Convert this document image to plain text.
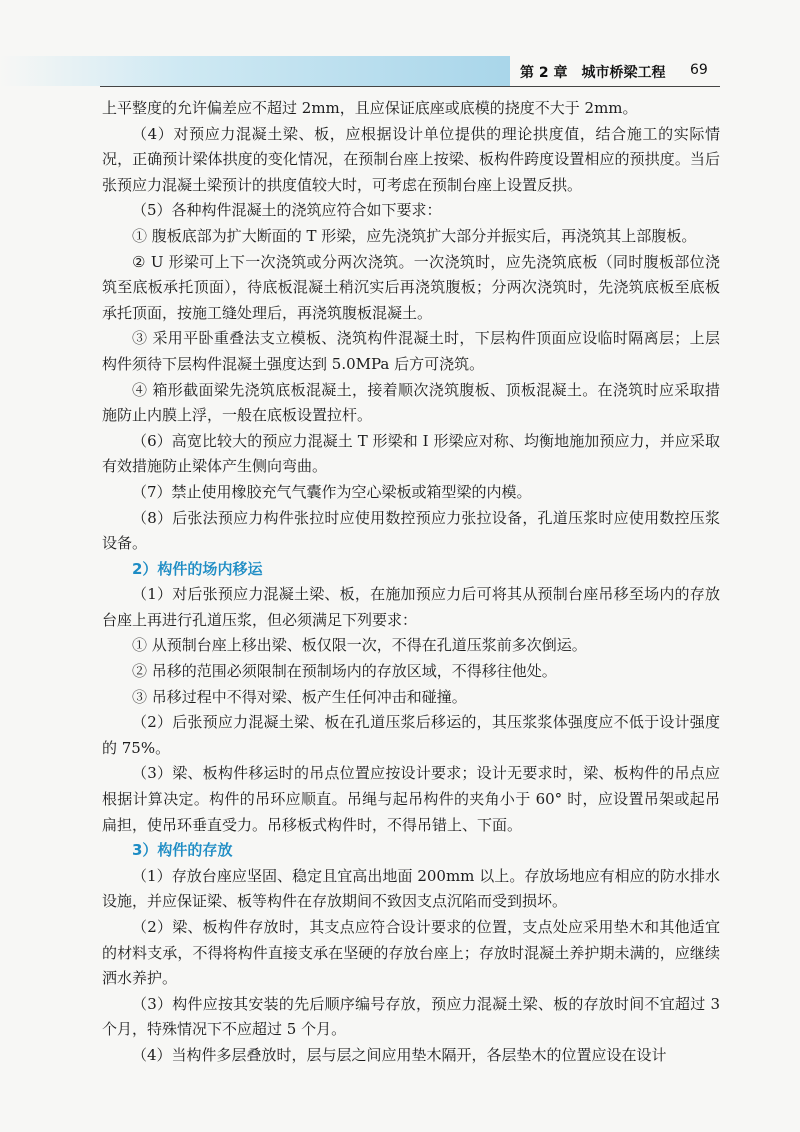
第 2 章　城市桥梁工程 69

上平整度的允许偏差应不超过 2mm，且应保证底座或底模的挠度不大于 2mm。

（4）对预应力混凝土梁、板，应根据设计单位提供的理论拱度值，结合施工的实际情况，正确预计梁体拱度的变化情况，在预制台座上按梁、板构件跨度设置相应的预拱度。当后张预应力混凝土梁预计的拱度值较大时，可考虑在预制台座上设置反拱。

（5）各种构件混凝土的浇筑应符合如下要求：

① 腹板底部为扩大断面的 T 形梁，应先浇筑扩大部分并振实后，再浇筑其上部腹板。

② U 形梁可上下一次浇筑或分两次浇筑。一次浇筑时，应先浇筑底板（同时腹板部位浇筑至底板承托顶面），待底板混凝土稍沉实后再浇筑腹板；分两次浇筑时，先浇筑底板至底板承托顶面，按施工缝处理后，再浇筑腹板混凝土。

③ 采用平卧重叠法支立模板、浇筑构件混凝土时，下层构件顶面应设临时隔离层；上层构件须待下层构件混凝土强度达到 5.0MPa 后方可浇筑。

④ 箱形截面梁先浇筑底板混凝土，接着顺次浇筑腹板、顶板混凝土。在浇筑时应采取措施防止内膜上浮，一般在底板设置拉杆。

（6）高宽比较大的预应力混凝土 T 形梁和 I 形梁应对称、均衡地施加预应力，并应采取有效措施防止梁体产生侧向弯曲。

（7）禁止使用橡胶充气气囊作为空心梁板或箱型梁的内模。

（8）后张法预应力构件张拉时应使用数控预应力张拉设备，孔道压浆时应使用数控压浆设备。

2）构件的场内移运

（1）对后张预应力混凝土梁、板，在施加预应力后可将其从预制台座吊移至场内的存放台座上再进行孔道压浆，但必须满足下列要求：

① 从预制台座上移出梁、板仅限一次，不得在孔道压浆前多次倒运。

② 吊移的范围必须限制在预制场内的存放区域，不得移往他处。

③ 吊移过程中不得对梁、板产生任何冲击和碰撞。

（2）后张预应力混凝土梁、板在孔道压浆后移运的，其压浆浆体强度应不低于设计强度的 75%。

（3）梁、板构件移运时的吊点位置应按设计要求；设计无要求时，梁、板构件的吊点应根据计算决定。构件的吊环应顺直。吊绳与起吊构件的夹角小于 60° 时，应设置吊架或起吊扁担，使吊环垂直受力。吊移板式构件时，不得吊错上、下面。

3）构件的存放

（1）存放台座应坚固、稳定且宜高出地面 200mm 以上。存放场地应有相应的防水排水设施，并应保证梁、板等构件在存放期间不致因支点沉陷而受到损坏。

（2）梁、板构件存放时，其支点应符合设计要求的位置，支点处应采用垫木和其他适宜的材料支承，不得将构件直接支承在坚硬的存放台座上；存放时混凝土养护期未满的，应继续洒水养护。

（3）构件应按其安装的先后顺序编号存放，预应力混凝土梁、板的存放时间不宜超过 3 个月，特殊情况下不应超过 5 个月。

（4）当构件多层叠放时，层与层之间应用垫木隔开，各层垫木的位置应设在设计
